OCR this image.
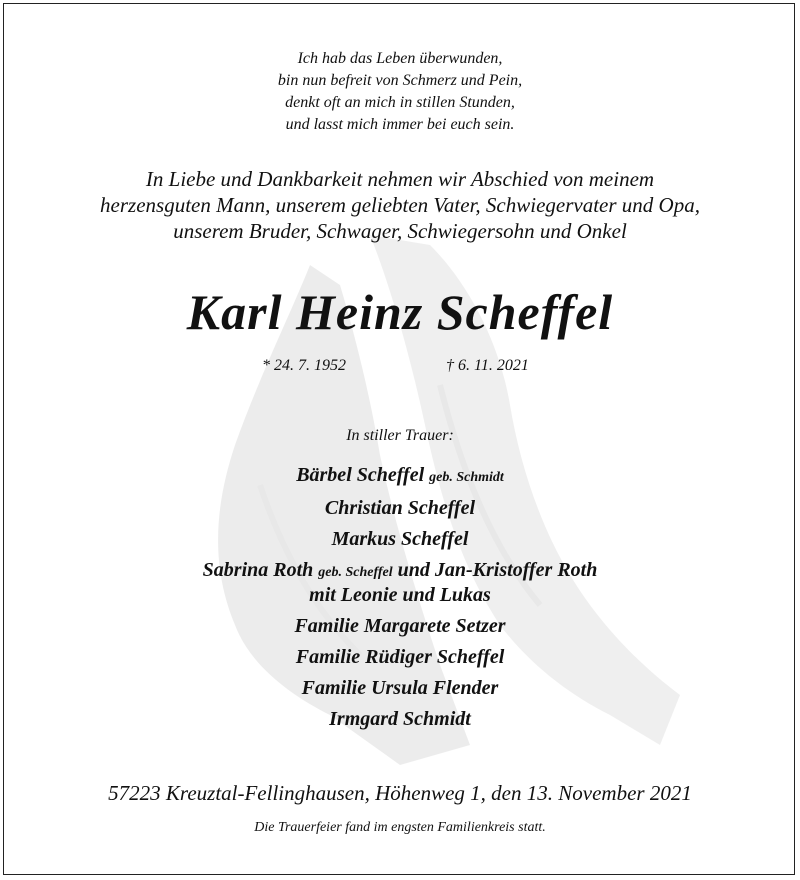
Ich hab das Leben überwunden,
bin nun befreit von Schmerz und Pein,
denkt oft an mich in stillen Stunden,
und lasst mich immer bei euch sein.
In Liebe und Dankbarkeit nehmen wir Abschied von meinem
herzensguten Mann, unserem geliebten Vater, Schwiegervater und Opa,
unserem Bruder, Schwager, Schwiegersohn und Onkel
Karl Heinz Scheffel
* 24. 7. 1952	† 6. 11. 2021
In stiller Trauer:
Bärbel Scheffel geb. Schmidt
Christian Scheffel
Markus Scheffel
Sabrina Roth geb. Scheffel und Jan-Kristoffer Roth
mit Leonie und Lukas
Familie Margarete Setzer
Familie Rüdiger Scheffel
Familie Ursula Flender
Irmgard Schmidt
57223 Kreuztal-Fellinghausen, Höhenweg 1, den 13. November 2021
Die Trauerfeier fand im engsten Familienkreis statt.
